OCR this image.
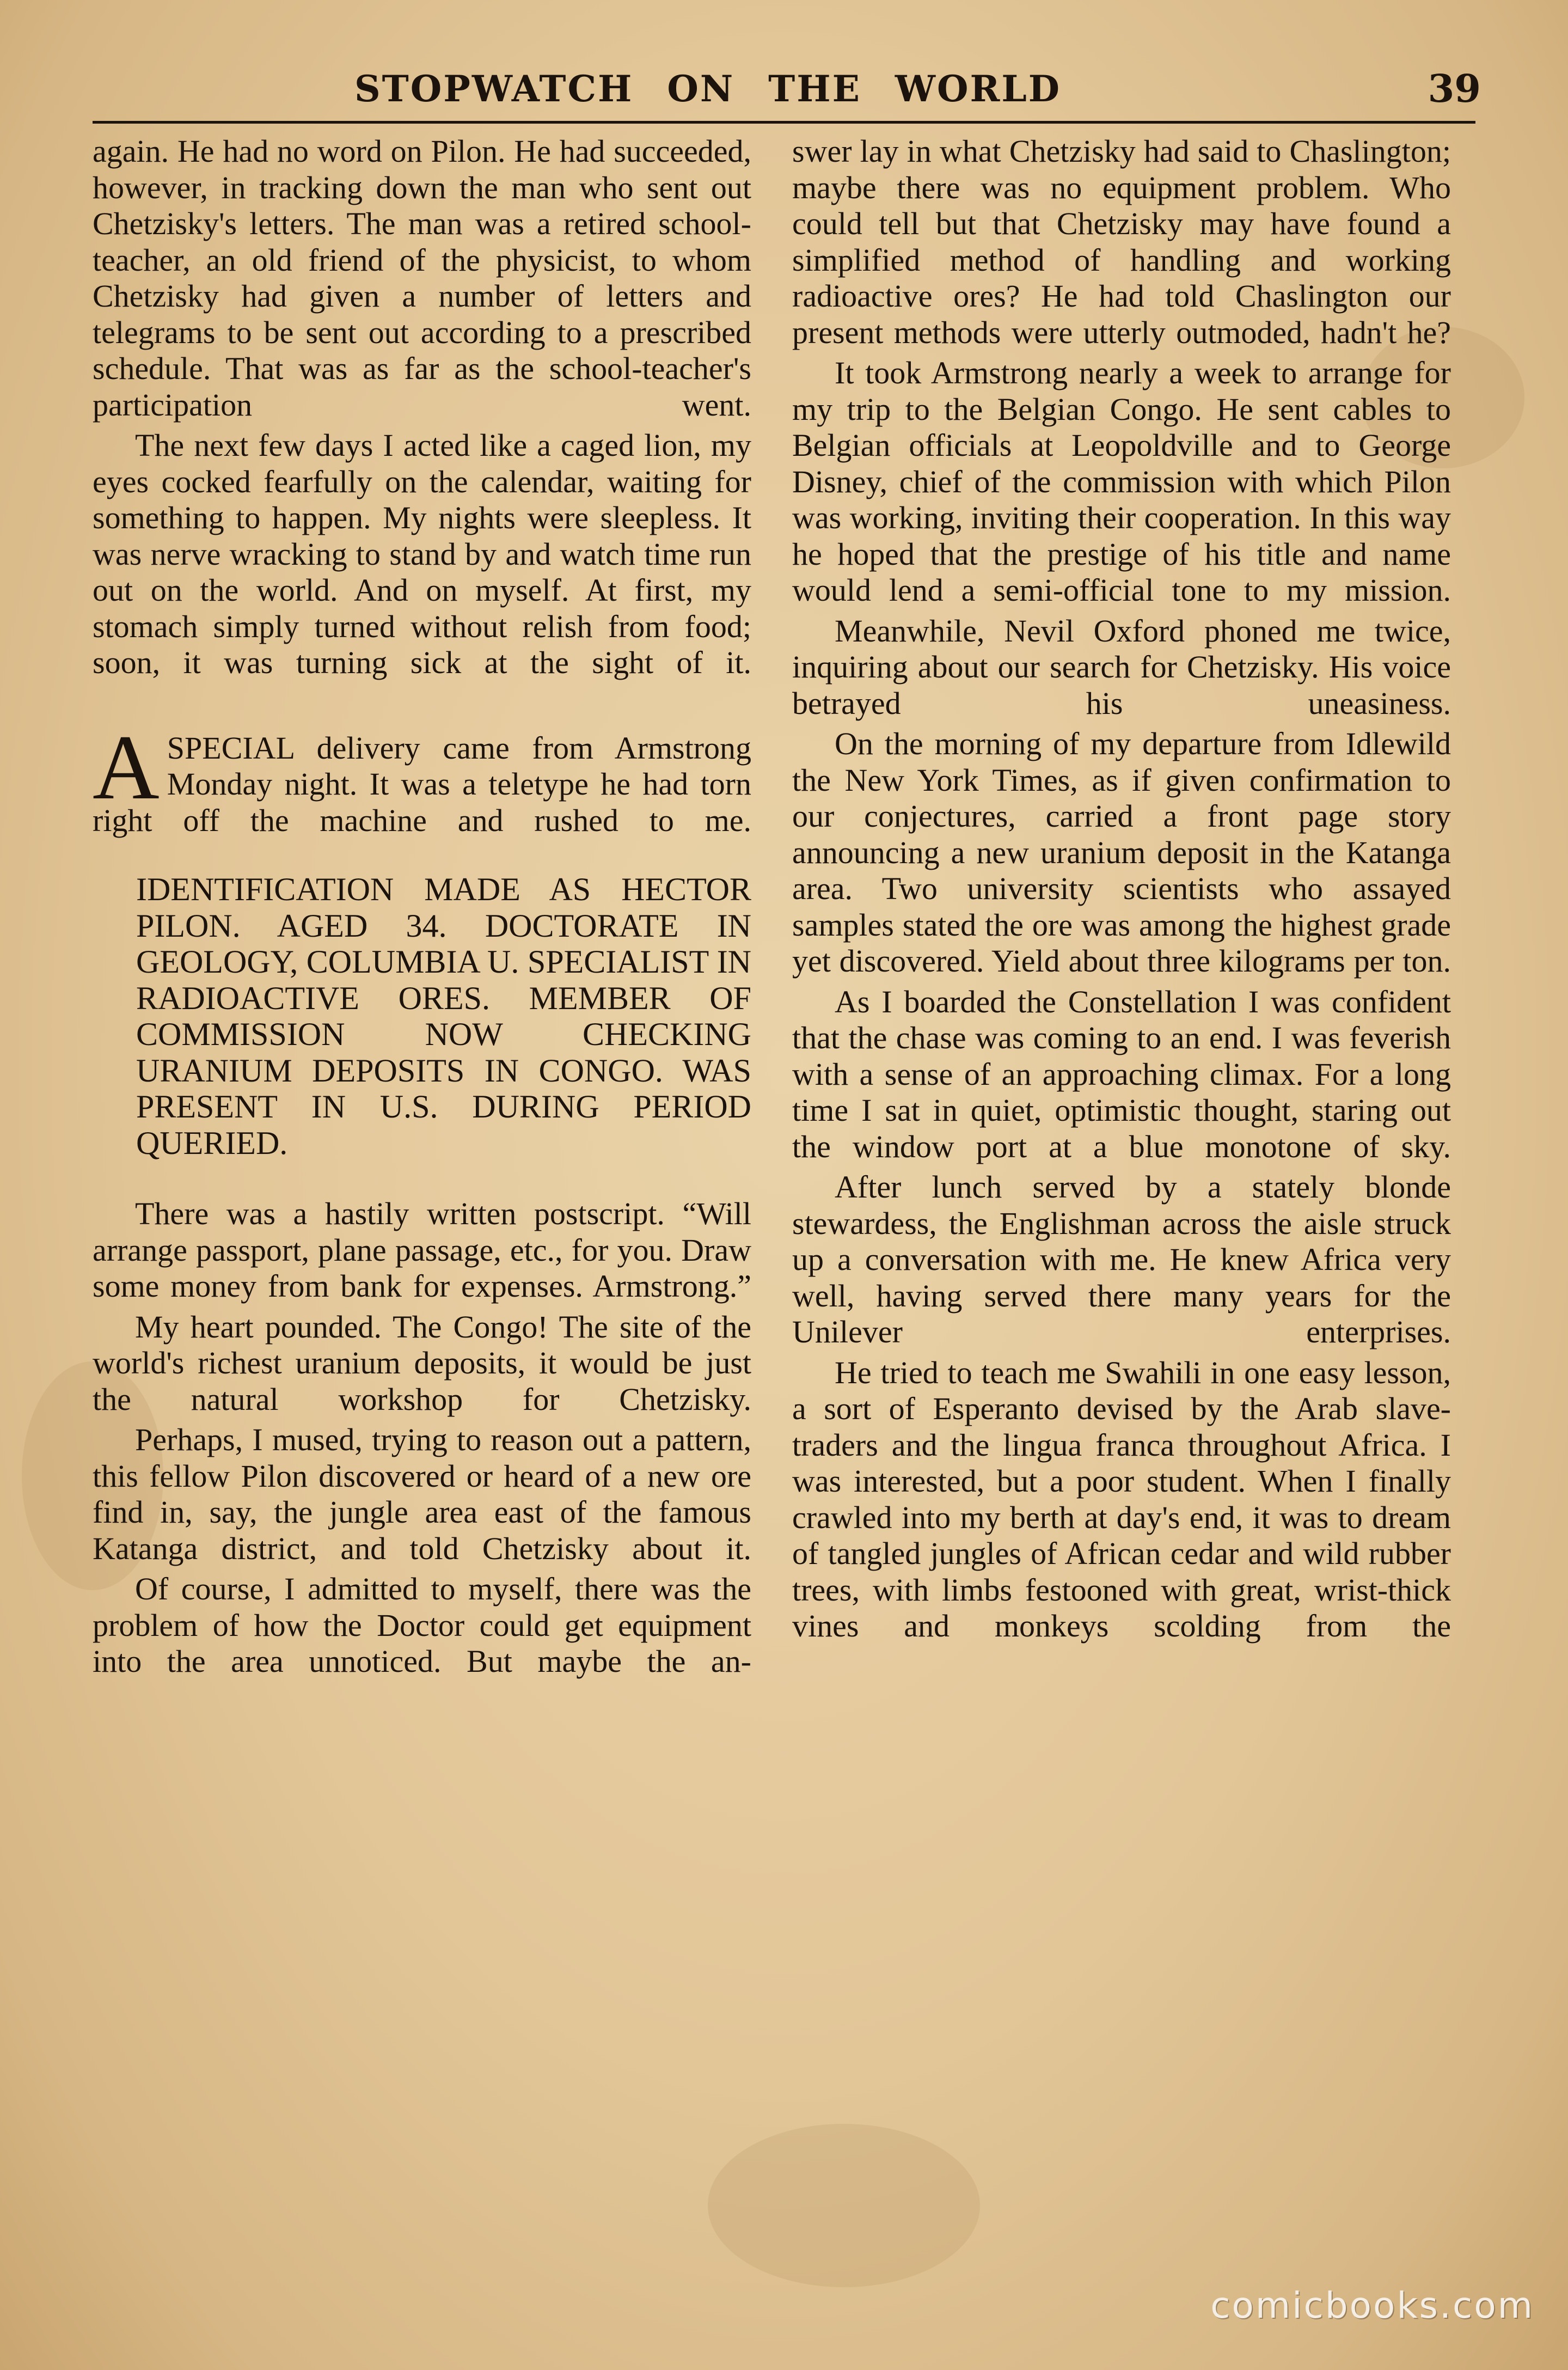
STOPWATCH ON THE WORLD	39

again. He had no word on Pilon. He had succeeded, however, in tracking down the man who sent out Chetzisky's letters. The man was a retired school-teacher, an old friend of the physicist, to whom Chetzisky had given a number of letters and telegrams to be sent out according to a prescribed schedule. That was as far as the school-teacher's participation went.

The next few days I acted like a caged lion, my eyes cocked fearfully on the calendar, waiting for something to happen. My nights were sleepless. It was nerve wracking to stand by and watch time run out on the world. And on myself. At first, my stomach simply turned without relish from food; soon, it was turning sick at the sight of it.

ASPECIAL delivery came from Armstrong Monday night. It was a teletype he had torn right off the machine and rushed to me.

IDENTIFICATION MADE AS HECTOR PILON. AGED 34. DOCTORATE IN GEOLOGY, COLUMBIA U. SPECIALIST IN RADIOACTIVE ORES. MEMBER OF COMMISSION NOW CHECKING URANIUM DEPOSITS IN CONGO. WAS PRESENT IN U.S. DURING PERIOD QUERIED.

There was a hastily written postscript. “Will arrange passport, plane passage, etc., for you. Draw some money from bank for expenses. Armstrong.”

My heart pounded. The Congo! The site of the world's richest uranium deposits, it would be just the natural workshop for Chetzisky.

Perhaps, I mused, trying to reason out a pattern, this fellow Pilon discovered or heard of a new ore find in, say, the jungle area east of the famous Katanga district, and told Chetzisky about it.

Of course, I admitted to myself, there was the problem of how the Doctor could get equipment into the area unnoticed. But maybe the an-

swer lay in what Chetzisky had said to Chaslington; maybe there was no equipment problem. Who could tell but that Chetzisky may have found a simplified method of handling and working radioactive ores? He had told Chaslington our present methods were utterly outmoded, hadn't he?

It took Armstrong nearly a week to arrange for my trip to the Belgian Congo. He sent cables to Belgian officials at Leopoldville and to George Disney, chief of the commission with which Pilon was working, inviting their cooperation. In this way he hoped that the prestige of his title and name would lend a semi-official tone to my mission.

Meanwhile, Nevil Oxford phoned me twice, inquiring about our search for Chetzisky. His voice betrayed his uneasiness.

On the morning of my departure from Idlewild the New York Times, as if given confirmation to our conjectures, carried a front page story announcing a new uranium deposit in the Katanga area. Two university scientists who assayed samples stated the ore was among the highest grade yet discovered. Yield about three kilograms per ton.

As I boarded the Constellation I was confident that the chase was coming to an end. I was feverish with a sense of an approaching climax. For a long time I sat in quiet, optimistic thought, staring out the window port at a blue monotone of sky.

After lunch served by a stately blonde stewardess, the Englishman across the aisle struck up a conversation with me. He knew Africa very well, having served there many years for the Unilever enterprises.

He tried to teach me Swahili in one easy lesson, a sort of Esperanto devised by the Arab slave-traders and the lingua franca throughout Africa. I was interested, but a poor student. When I finally crawled into my berth at day's end, it was to dream of tangled jungles of African cedar and wild rubber trees, with limbs festooned with great, wrist-thick vines and monkeys scolding from the

comicbooks.com
